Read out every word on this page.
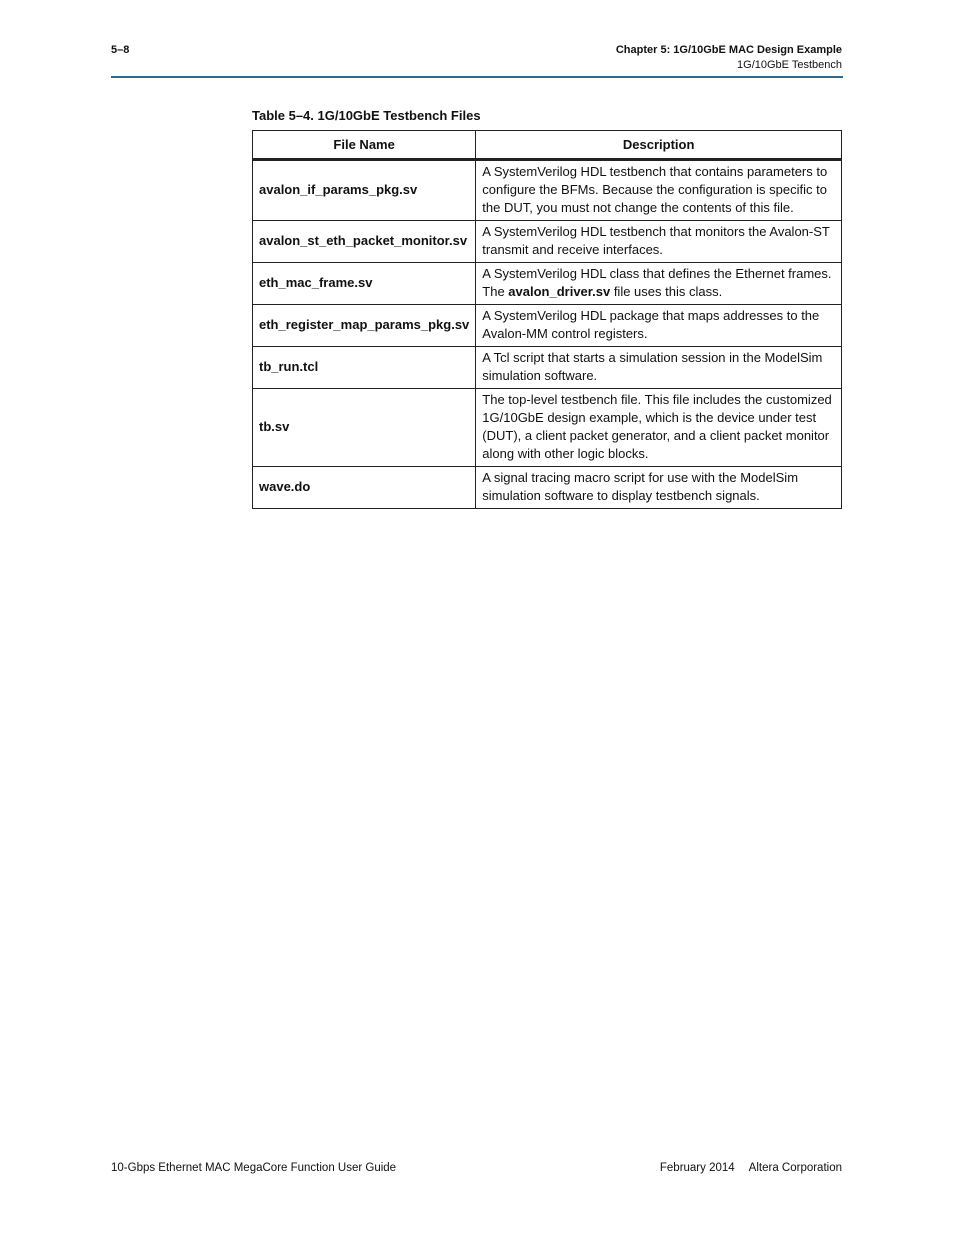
5–8	Chapter 5: 1G/10GbE MAC Design Example
1G/10GbE Testbench
Table 5–4. 1G/10GbE Testbench Files
File Name	Description
avalon_if_params_pkg.sv	A SystemVerilog HDL testbench that contains parameters to configure the BFMs. Because the configuration is specific to the DUT, you must not change the contents of this file.
avalon_st_eth_packet_monitor.sv	A SystemVerilog HDL testbench that monitors the Avalon-ST transmit and receive interfaces.
eth_mac_frame.sv	A SystemVerilog HDL class that defines the Ethernet frames. The avalon_driver.sv file uses this class.
eth_register_map_params_pkg.sv	A SystemVerilog HDL package that maps addresses to the Avalon-MM control registers.
tb_run.tcl	A Tcl script that starts a simulation session in the ModelSim simulation software.
tb.sv	The top-level testbench file. This file includes the customized 1G/10GbE design example, which is the device under test (DUT), a client packet generator, and a client packet monitor along with other logic blocks.
wave.do	A signal tracing macro script for use with the ModelSim simulation software to display testbench signals.
10-Gbps Ethernet MAC MegaCore Function User Guide	February 2014 Altera Corporation
